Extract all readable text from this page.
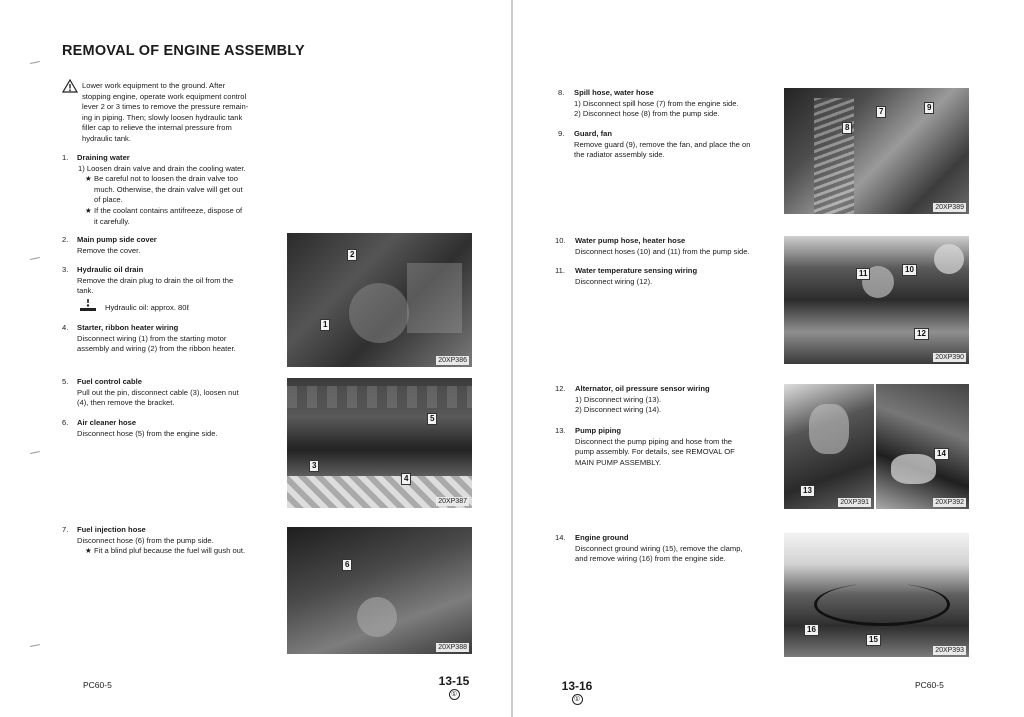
REMOVAL OF ENGINE ASSEMBLY

Lower work equipment to the ground. After

stopping engine, operate work equipment control

lever 2 or 3 times to remove the pressure remain-

ing in piping. Then; slowly loosen hydraulic tank

filler cap to relieve the internal pressure from

hydraulic tank.

1. Draining water

1) Loosen drain valve and drain the cooling water.

★ Be careful not to loosen the drain valve too

much. Otherwise, the drain valve will get out

of place.

★ If the coolant contains antifreeze, dispose of

it carefully.

2. Main pump side cover

Remove the cover.

3. Hydraulic oil drain

Remove the drain plug to drain the oil from the

tank.

Hydraulic oil: approx. 80ℓ
4. Starter, ribbon heater wiring

Disconnect wiring (1) from the starting motor

assembly and wiring (2) from the ribbon heater.

5. Fuel control cable

Pull out the pin, disconnect cable (3), loosen nut

(4), then remove the bracket.

6. Air cleaner hose

Disconnect hose (5) from the engine side.

7. Fuel injection hose

Disconnect hose (6) from the pump side.

★ Fit a blind pluf because the fuel will gush out.

2
1
20XP386
5
3
4
20XP387
6
20XP388
PC60-5	13-15
①
8. Spill hose, water hose

1) Disconnect spill hose (7) from the engine side.

2) Disconnect hose (8) from the pump side.

9. Guard, fan

Remove guard (9), remove the fan, and place the on

the radiator assembly side.

10. Water pump hose, heater hose

Disconnect hoses (10) and (11) from the pump side.

11. Water temperature sensing wiring

Disconnect wiring (12).

12. Alternator, oil pressure sensor wiring

1) Disconnect wiring (13).

2) Disconnect wiring (14).

13. Pump piping

Disconnect the pump piping and hose from the

pump assembly. For details, see REMOVAL OF

MAIN PUMP ASSEMBLY.

14. Engine ground

Disconnect ground wiring (15), remove the clamp,

and remove wiring (16) from the engine side.

8
7	9
20XP389
11	10
12
20XP390
13
20XP391
14
20XP392
16
15
20XP393
13-16
①
PC60-5
